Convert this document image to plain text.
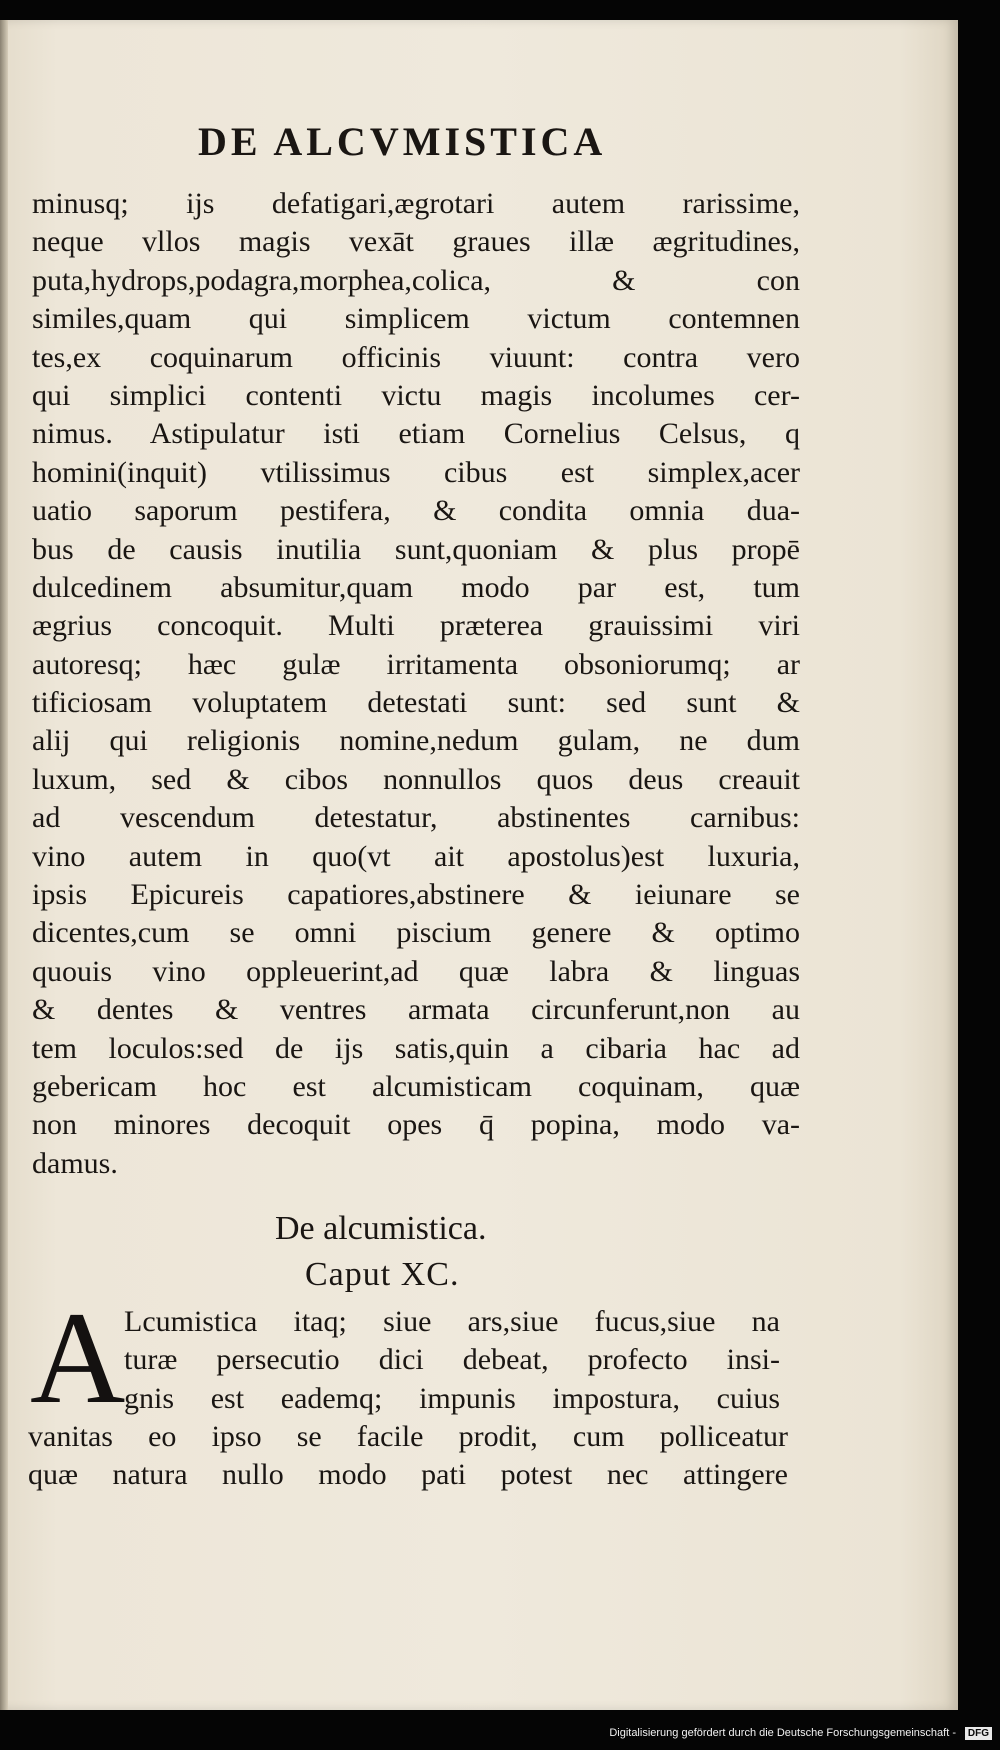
DE ALCVMISTICA
minusq; ijs defatigari,ægrotari autem rarissime,
neque vllos magis vexāt graues illæ ægritudines,
puta,hydrops,podagra,morphea,colica, & con
similes,quam qui simplicem victum contemnen
tes,ex coquinarum officinis viuunt: contra vero
qui simplici contenti victu magis incolumes cer-
nimus. Astipulatur isti etiam Cornelius Celsus, q
homini(inquit) vtilissimus cibus est simplex,acer
uatio saporum pestifera, & condita omnia dua-
bus de causis inutilia sunt,quoniam & plus propē
dulcedinem absumitur,quam modo par est, tum
ægrius concoquit. Multi præterea grauissimi viri
autoresq; hæc gulæ irritamenta obsoniorumq; ar
tificiosam voluptatem detestati sunt: sed sunt &
alij qui religionis nomine,nedum gulam, ne dum
luxum, sed & cibos nonnullos quos deus creauit
ad vescendum detestatur, abstinentes carnibus:
vino autem in quo(vt ait apostolus)est luxuria,
ipsis Epicureis capatiores,abstinere & ieiunare se
dicentes,cum se omni piscium genere & optimo
quouis vino oppleuerint,ad quæ labra & linguas
& dentes & ventres armata circunferunt,non au
tem loculos:sed de ijs satis,quin a cibaria hac ad
gebericam hoc est alcumisticam coquinam, quæ
non minores decoquit opes q̄ popina, modo va-
damus.
De alcumistica.
Caput XC.
A
Lcumistica itaq; siue ars,siue fucus,siue na
turæ persecutio dici debeat, profecto insi-
gnis est eademq; impunis impostura, cuius
vanitas eo ipso se facile prodit, cum polliceatur
quæ natura nullo modo pati potest nec attingere
Digitalisierung gefördert durch die Deutsche Forschungsgemeinschaft -	DFG
